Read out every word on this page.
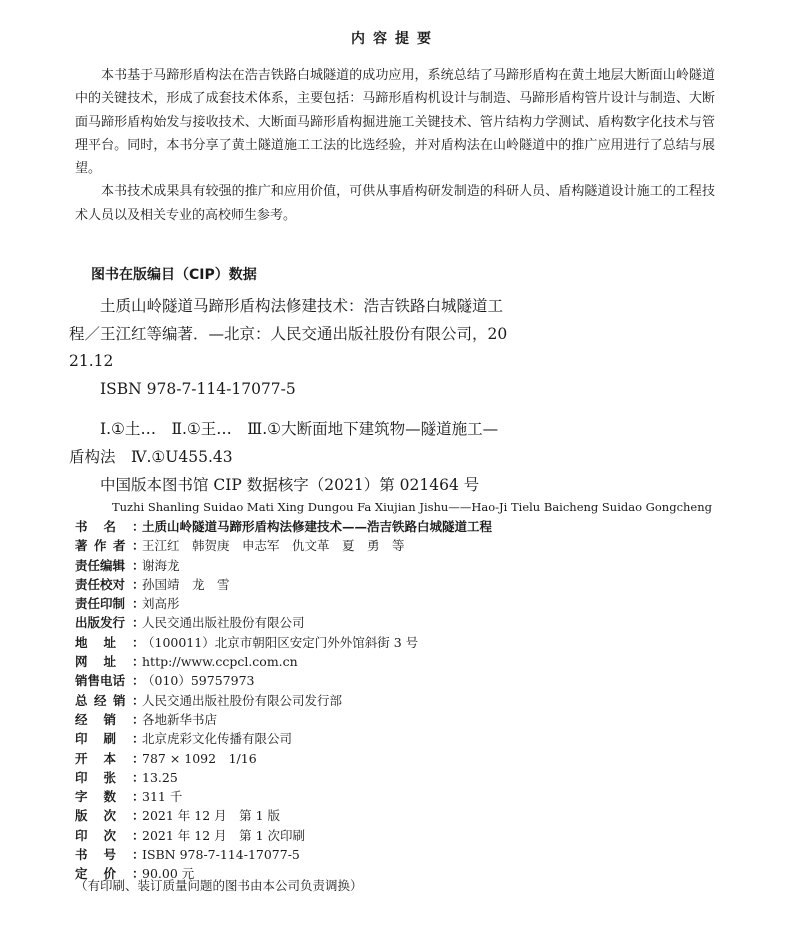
内容提要

本书基于马蹄形盾构法在浩吉铁路白城隧道的成功应用，系统总结了马蹄形盾构在黄土地层大断面山岭隧道中的关键技术，形成了成套技术体系，主要包括：马蹄形盾构机设计与制造、马蹄形盾构管片设计与制造、大断面马蹄形盾构始发与接收技术、大断面马蹄形盾构掘进施工关键技术、管片结构力学测试、盾构数字化技术与管理平台。同时，本书分享了黄土隧道施工工法的比选经验，并对盾构法在山岭隧道中的推广应用进行了总结与展望。

本书技术成果具有较强的推广和应用价值，可供从事盾构研发制造的科研人员、盾构隧道设计施工的工程技术人员以及相关专业的高校师生参考。

图书在版编目（CIP）数据

土质山岭隧道马蹄形盾构法修建技术：浩吉铁路白城隧道工程／王江红等编著．—北京：人民交通出版社股份有限公司，2021.12

ISBN 978-7-114-17077-5

Ⅰ.①土…　Ⅱ.①王…　Ⅲ.①大断面地下建筑物—隧道施工—盾构法　Ⅳ.①U455.43

中国版本图书馆 CIP 数据核字（2021）第 021464 号

Tuzhi Shanling Suidao Mati Xing Dungou Fa Xiujian Jishu——Hao-Ji Tielu Baicheng Suidao Gongcheng
书 名 ：
土质山岭隧道马蹄形盾构法修建技术——浩吉铁路白城隧道工程
著 作 者 ：
王江红　韩贺庚　申志军　仇文革　夏　勇　等
责任编辑 ：
谢海龙
责任校对 ：
孙国靖　龙　雪
责任印制 ：
刘高彤
出版发行 ：
人民交通出版社股份有限公司
地 址 ：
（100011）北京市朝阳区安定门外外馆斜街 3 号
网 址 ：
http://www.ccpcl.com.cn
销售电话 ：
（010）59757973
总 经 销 ：
人民交通出版社股份有限公司发行部
经 销 ：
各地新华书店
印 刷 ：
北京虎彩文化传播有限公司
开 本 ：
787 × 1092　1/16
印 张 ：
13.25
字 数 ：
311 千
版 次 ：
2021 年 12 月　第 1 版
印 次 ：
2021 年 12 月　第 1 次印刷
书 号 ：
ISBN 978-7-114-17077-5
定 价 ：
90.00 元
（有印刷、装订质量问题的图书由本公司负责调换）
